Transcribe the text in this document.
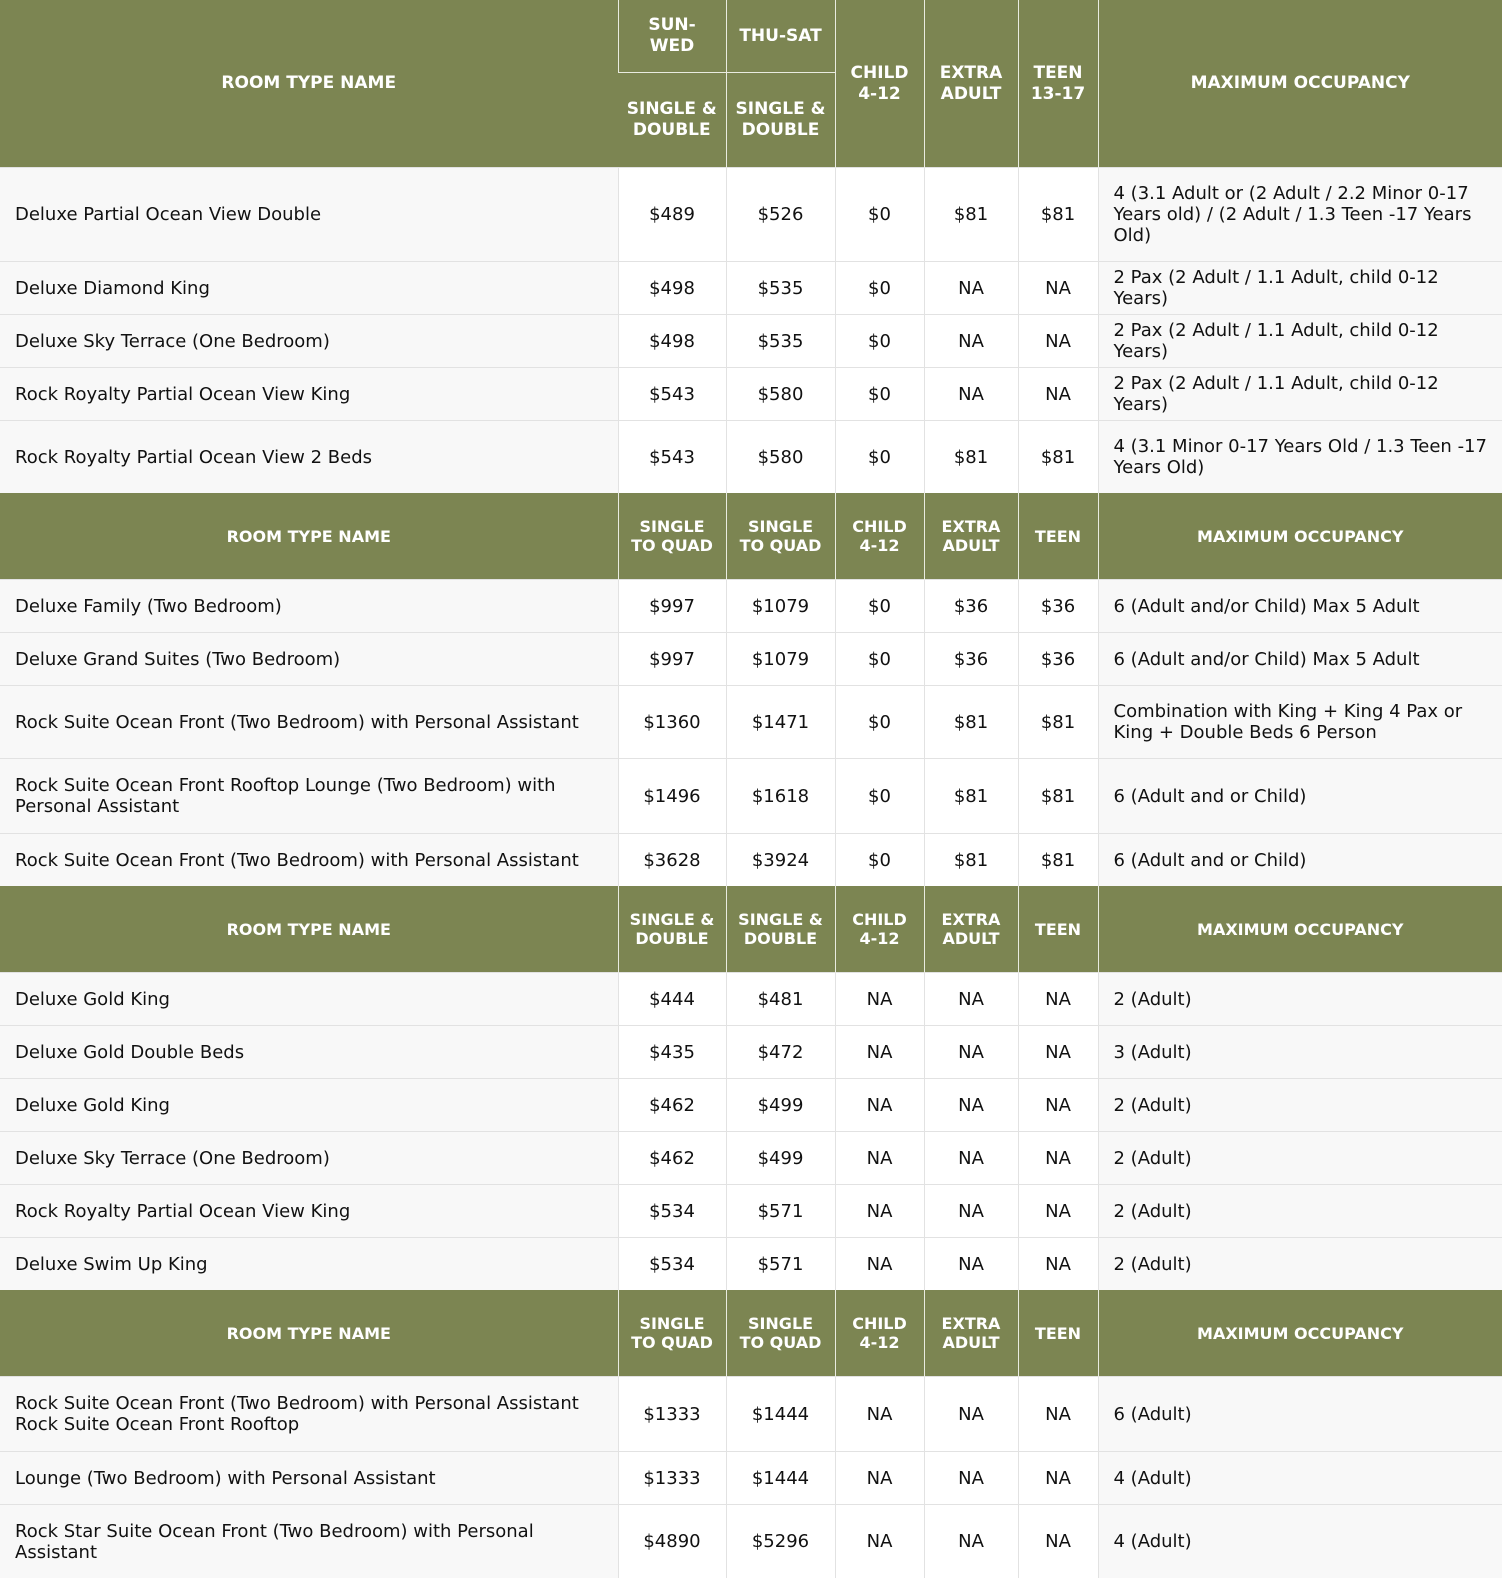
ROOM TYPE NAME	SUN-WED	THU-SAT	CHILD 4-12	EXTRA ADULT	TEEN 13-17	MAXIMUM OCCUPANCY
	SINGLE & DOUBLE	SINGLE & DOUBLE				
Deluxe Partial Ocean View Double	$489	$526	$0	$81	$81	4 (3.1 Adult or (2 Adult / 2.2 Minor 0-17 Years old) / (2 Adult / 1.3 Teen -17 Years Old)
Deluxe Diamond King	$498	$535	$0	NA	NA	2 Pax (2 Adult / 1.1 Adult, child 0-12 Years)
Deluxe Sky Terrace (One Bedroom)	$498	$535	$0	NA	NA	2 Pax (2 Adult / 1.1 Adult, child 0-12 Years)
Rock Royalty Partial Ocean View King	$543	$580	$0	NA	NA	2 Pax (2 Adult / 1.1 Adult, child 0-12 Years)
Rock Royalty Partial Ocean View 2 Beds	$543	$580	$0	$81	$81	4 (3.1 Minor 0-17 Years Old / 1.3 Teen -17 Years Old)
ROOM TYPE NAME	SINGLE TO QUAD	SINGLE TO QUAD	CHILD 4-12	EXTRA ADULT	TEEN	MAXIMUM OCCUPANCY
Deluxe Family (Two Bedroom)	$997	$1079	$0	$36	$36	6 (Adult and/or Child) Max 5 Adult
Deluxe Grand Suites (Two Bedroom)	$997	$1079	$0	$36	$36	6 (Adult and/or Child) Max 5 Adult
Rock Suite Ocean Front (Two Bedroom) with Personal Assistant	$1360	$1471	$0	$81	$81	Combination with King + King 4 Pax or King + Double Beds 6 Person
Rock Suite Ocean Front Rooftop Lounge (Two Bedroom) with Personal Assistant	$1496	$1618	$0	$81	$81	6 (Adult and or Child)
Rock Suite Ocean Front (Two Bedroom) with Personal Assistant	$3628	$3924	$0	$81	$81	6 (Adult and or Child)
ROOM TYPE NAME	SINGLE & DOUBLE	SINGLE & DOUBLE	CHILD 4-12	EXTRA ADULT	TEEN	MAXIMUM OCCUPANCY
Deluxe Gold King	$444	$481	NA	NA	NA	2 (Adult)
Deluxe Gold Double Beds	$435	$472	NA	NA	NA	3 (Adult)
Deluxe Gold King	$462	$499	NA	NA	NA	2 (Adult)
Deluxe Sky Terrace (One Bedroom)	$462	$499	NA	NA	NA	2 (Adult)
Rock Royalty Partial Ocean View King	$534	$571	NA	NA	NA	2 (Adult)
Deluxe Swim Up King	$534	$571	NA	NA	NA	2 (Adult)
ROOM TYPE NAME	SINGLE TO QUAD	SINGLE TO QUAD	CHILD 4-12	EXTRA ADULT	TEEN	MAXIMUM OCCUPANCY
Rock Suite Ocean Front (Two Bedroom) with Personal Assistant Rock Suite Ocean Front Rooftop	$1333	$1444	NA	NA	NA	6 (Adult)
Lounge (Two Bedroom) with Personal Assistant	$1333	$1444	NA	NA	NA	4 (Adult)
Rock Star Suite Ocean Front (Two Bedroom) with Personal Assistant	$4890	$5296	NA	NA	NA	4 (Adult)
